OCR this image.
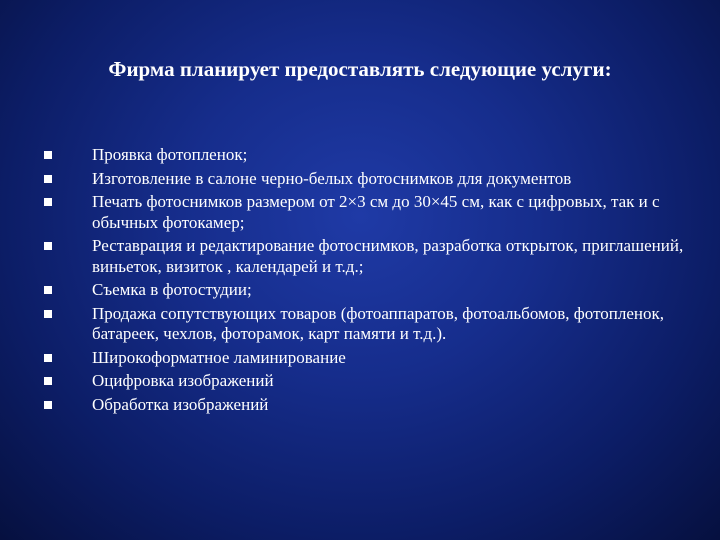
Фирма планирует предоставлять следующие услуги:
Проявка фотопленок;
Изготовление в салоне черно-белых фотоснимков для документов
Печать фотоснимков размером от 2×3 см до 30×45 см, как с цифровых, так и с обычных фотокамер;
Реставрация и редактирование фотоснимков, разработка открыток, приглашений, виньеток, визиток , календарей и т.д.;
Съемка в фотостудии;
Продажа сопутствующих товаров (фотоаппаратов, фотоальбомов, фотопленок, батареек, чехлов, фоторамок, карт памяти и т.д.).
Широкоформатное ламинирование
Оцифровка изображений
Обработка изображений
